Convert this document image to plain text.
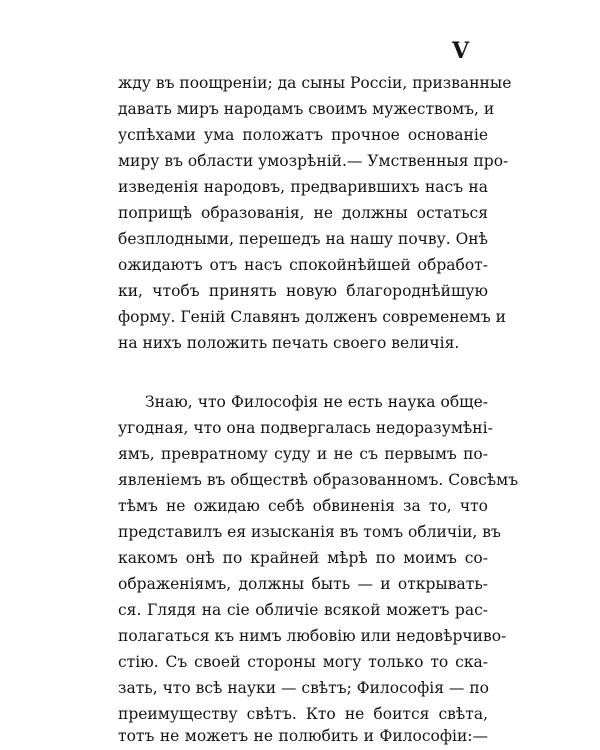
V
жду въ поощреніи; да сыны Россіи, призванные
давать миръ народамъ своимъ мужествомъ, и
успѣхами ума положатъ прочное основаніе
миру въ области умозрѣній.— Умственныя про-
изведенія народовъ, предварившихъ насъ на
поприщѣ образованія, не должны остаться
безплодными, перешедъ на нашу почву. Онѣ
ожидаютъ отъ насъ спокойнѣйшей обработ-
ки, чтобъ принять новую благороднѣйшую
форму. Геній Славянъ долженъ современемъ и
на нихъ положить печать своего величія.
Знаю, что Философія не есть наука обще-
угодная, что она подвергалась недоразумѣні-
ямъ, превратному суду и не съ первымъ по-
явленіемъ въ обществѣ образованномъ. Совсѣмъ
тѣмъ не ожидаю себѣ обвиненія за то, что
представилъ ея изысканія въ томъ обличіи, въ
какомъ онѣ по крайней мѣрѣ по моимъ со-
ображеніямъ, должны быть — и открывать-
ся. Глядя на сіе обличіе всякой можетъ рас-
полагаться къ нимъ любовію или недовѣрчиво-
стію. Съ своей стороны могу только то ска-
зать, что всѣ науки — свѣтъ; Философія — по
преимуществу свѣтъ. Кто не боится свѣта,
тотъ не можетъ не полюбить и Философіи:—
